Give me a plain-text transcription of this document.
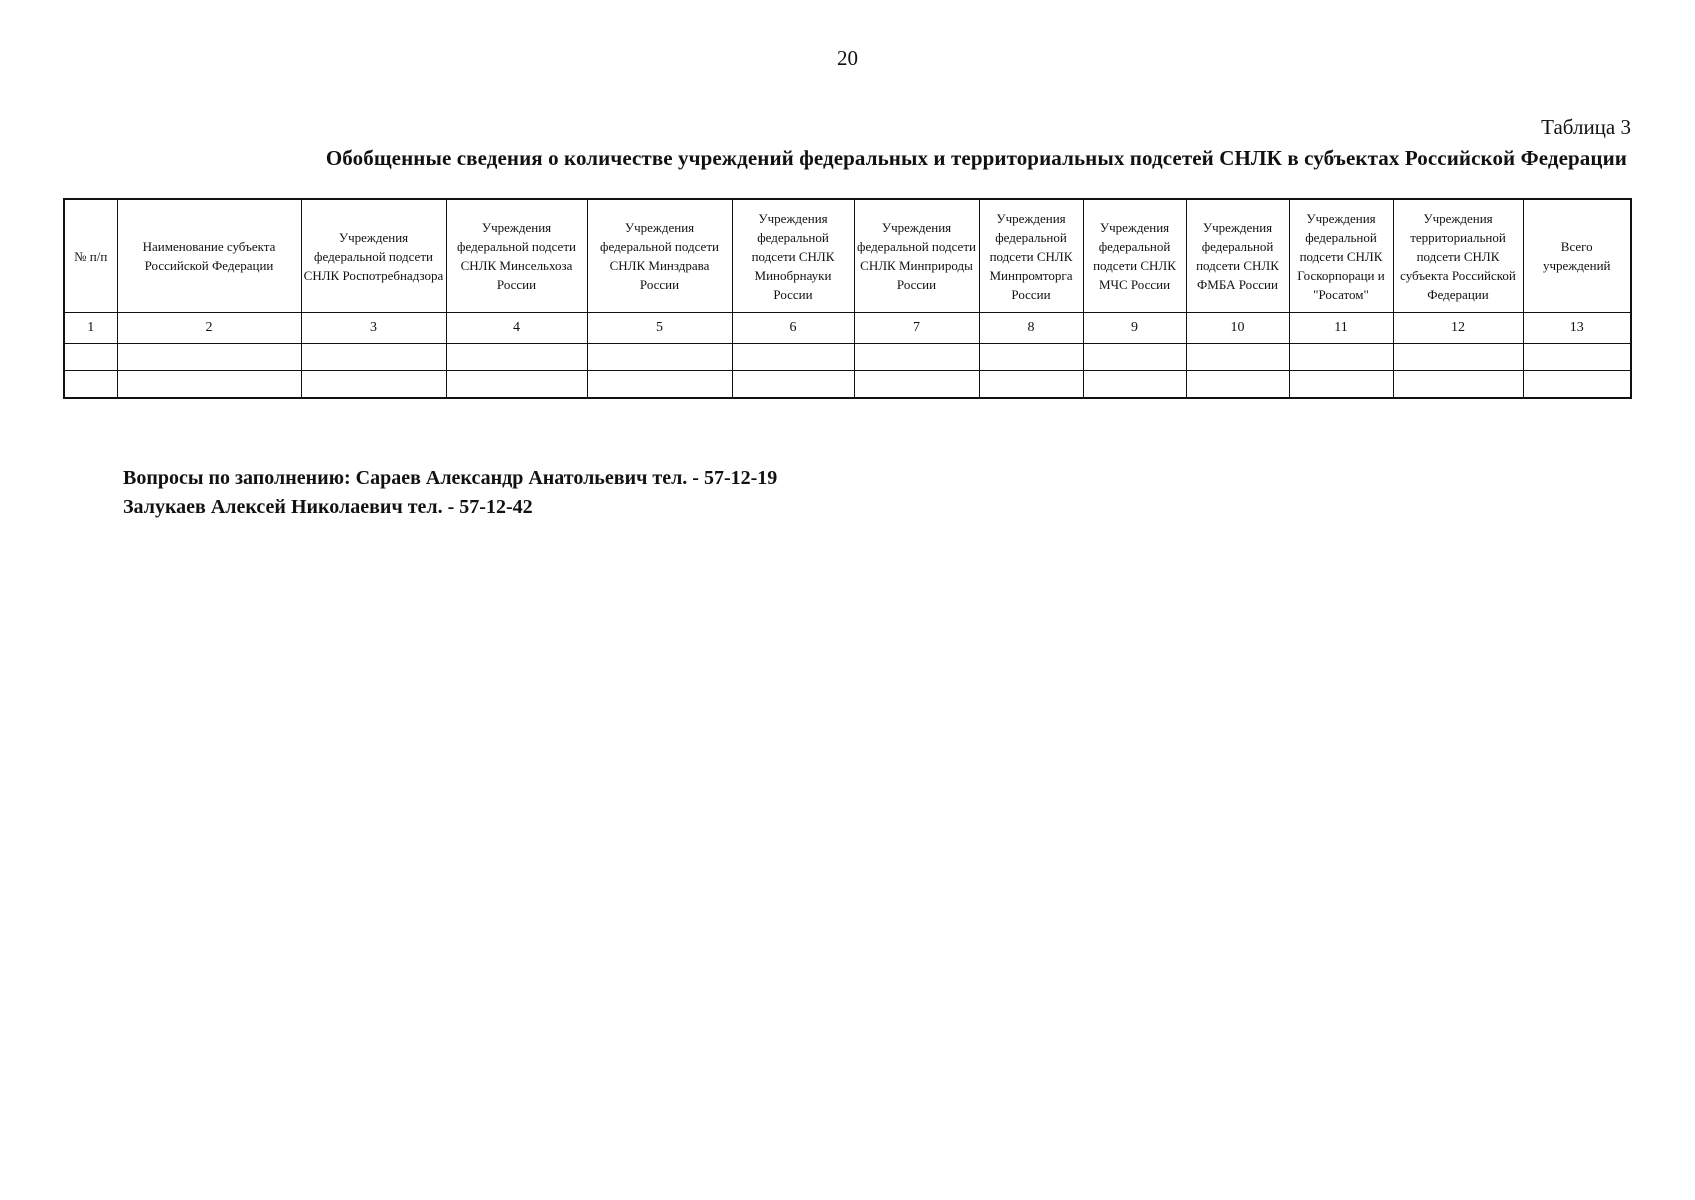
20
Таблица 3
Обобщенные сведения о количестве учреждений федеральных и территориальных подсетей СНЛК в субъектах Российской Федерации
№ п/п	Наименование субъекта Российской Федерации	Учреждения федеральной подсети СНЛК Роспотребнадзора	Учреждения федеральной подсети СНЛК Минсельхоза России	Учреждения федеральной подсети СНЛК Минздрава России	Учреждения федеральной подсети СНЛК Минобрнауки России	Учреждения федеральной подсети СНЛК Минприроды России	Учреждения федеральной подсети СНЛК Минпромторга России	Учреждения федеральной подсети СНЛК МЧС России	Учреждения федеральной подсети СНЛК ФМБА России	Учреждения федеральной подсети СНЛК Госкорпораци и "Росатом"	Учреждения территориальной подсети СНЛК субъекта Российской Федерации	Всего учреждений
1	2	3	4	5	6	7	8	9	10	11	12	13

Вопросы по заполнению: Сараев Александр Анатольевич тел. - 57-12-19
Залукаев Алексей Николаевич тел. - 57-12-42
